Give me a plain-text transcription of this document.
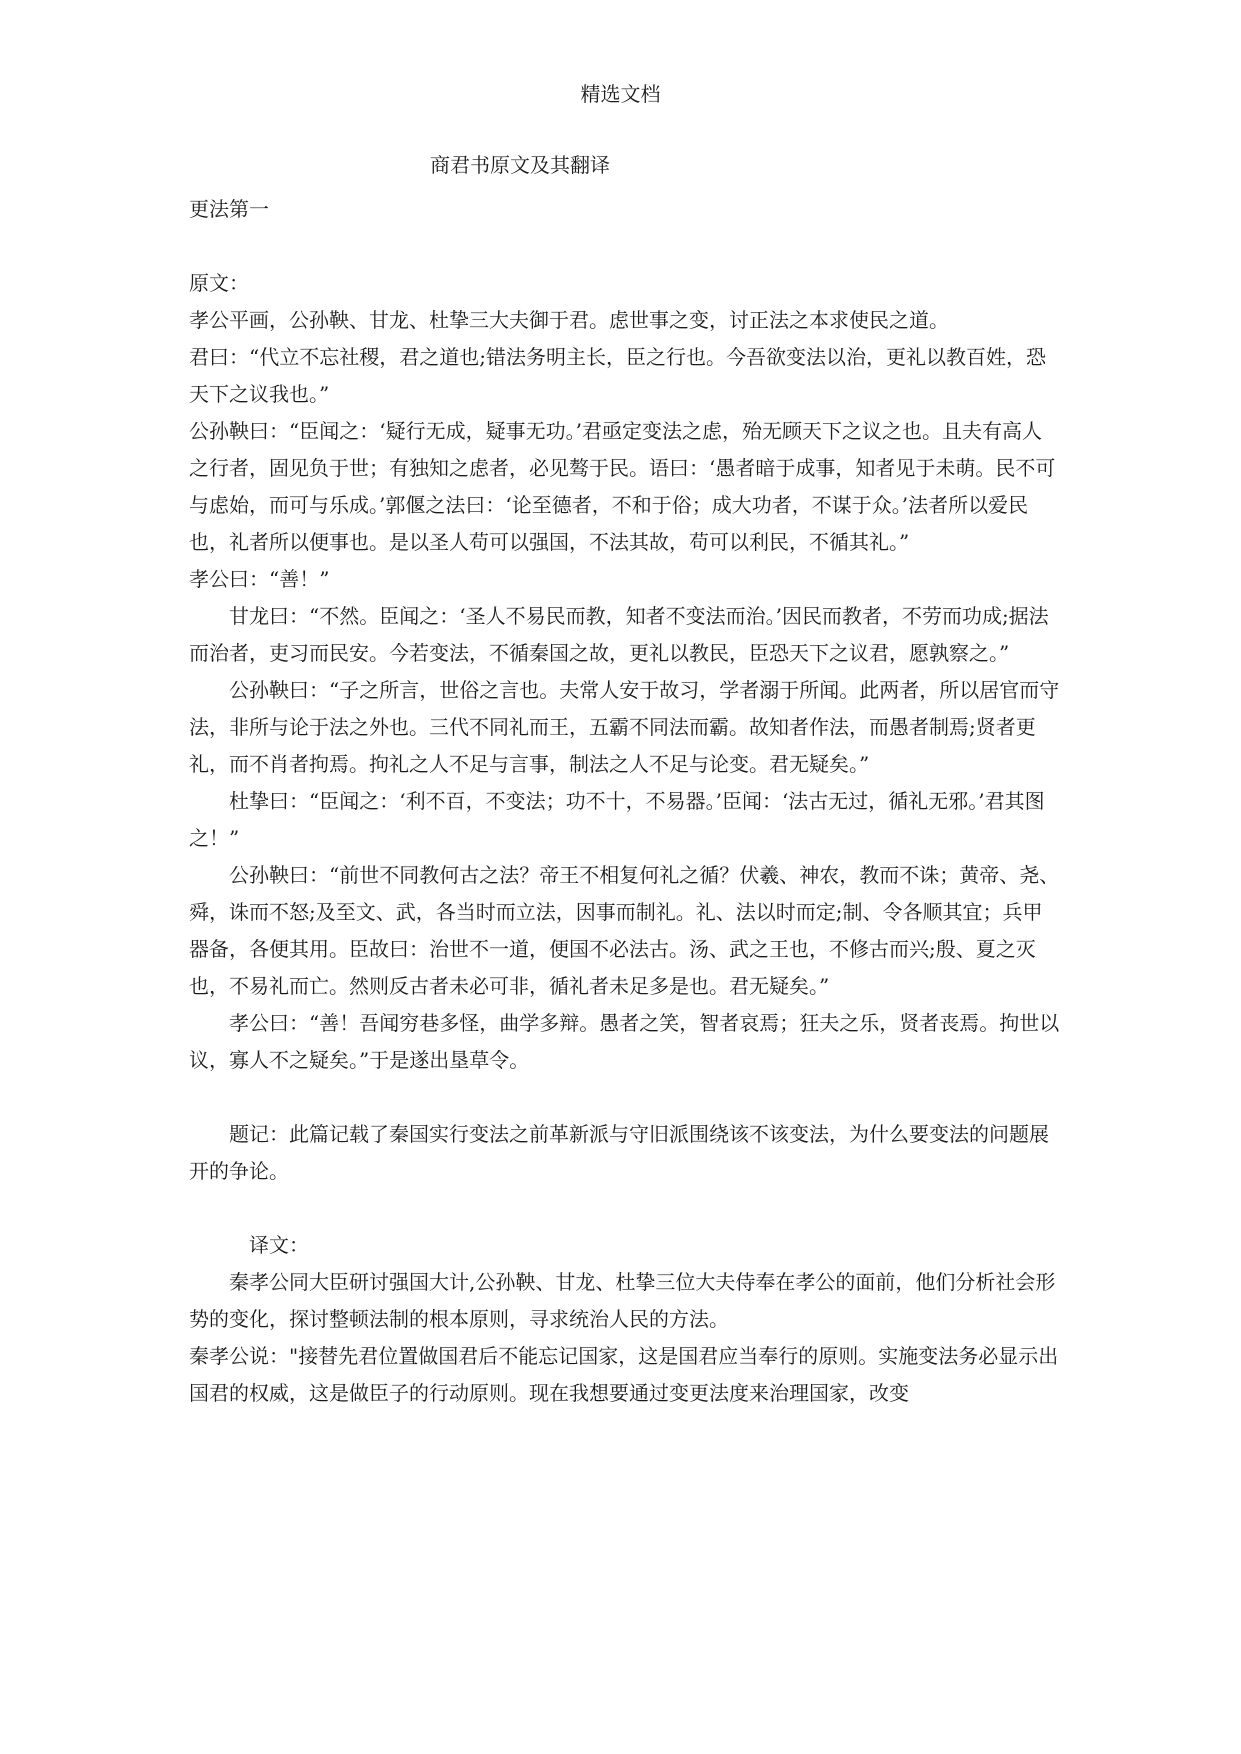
精选文档
商君书原文及其翻译

更法第一

原文：

孝公平画，公孙鞅、甘龙、杜挚三大夫御于君。虑世事之变，讨正法之本求使民之道。

君曰：“代立不忘社稷，君之道也;错法务明主长，臣之行也。今吾欲变法以治，更礼以教百姓，恐天下之议我也。”

公孙鞅曰：“臣闻之：‘疑行无成，疑事无功。’君亟定变法之虑，殆无顾天下之议之也。且夫有高人之行者，固见负于世；有独知之虑者，必见骜于民。语曰：‘愚者暗于成事，知者见于未萌。民不可与虑始，而可与乐成。’郭偃之法曰：‘论至德者，不和于俗；成大功者，不谋于众。’法者所以爱民也，礼者所以便事也。是以圣人苟可以强国，不法其故，苟可以利民，不循其礼。”

孝公曰：“善！”

甘龙曰：“不然。臣闻之：‘圣人不易民而教，知者不变法而治。’因民而教者，不劳而功成;据法而治者，吏习而民安。今若变法，不循秦国之故，更礼以教民，臣恐天下之议君，愿孰察之。”

公孙鞅曰：“子之所言，世俗之言也。夫常人安于故习，学者溺于所闻。此两者，所以居官而守法，非所与论于法之外也。三代不同礼而王，五霸不同法而霸。故知者作法，而愚者制焉;贤者更礼，而不肖者拘焉。拘礼之人不足与言事，制法之人不足与论变。君无疑矣。”

杜挚曰：“臣闻之：‘利不百，不变法；功不十，不易器。’臣闻：‘法古无过，循礼无邪。’君其图之！”

公孙鞅曰：“前世不同教何古之法？帝王不相复何礼之循？伏羲、神农，教而不诛；黄帝、尧、舜，诛而不怒;及至文、武，各当时而立法，因事而制礼。礼、法以时而定;制、令各顺其宜；兵甲器备，各便其用。臣故曰：治世不一道，便国不必法古。汤、武之王也，不修古而兴;殷、夏之灭也，不易礼而亡。然则反古者未必可非，循礼者未足多是也。君无疑矣。”

孝公曰：“善！吾闻穷巷多怪，曲学多辩。愚者之笑，智者哀焉；狂夫之乐，贤者丧焉。拘世以议，寡人不之疑矣。”于是遂出垦草令。

题记：此篇记载了秦国实行变法之前革新派与守旧派围绕该不该变法，为什么要变法的问题展开的争论。

译文：

秦孝公同大臣研讨强国大计,公孙鞅、甘龙、杜挚三位大夫侍奉在孝公的面前，他们分析社会形势的变化，探讨整顿法制的根本原则，寻求统治人民的方法。

秦孝公说："接替先君位置做国君后不能忘记国家，这是国君应当奉行的原则。实施变法务必显示出国君的权威，这是做臣子的行动原则。现在我想要通过变更法度来治理国家，改变
